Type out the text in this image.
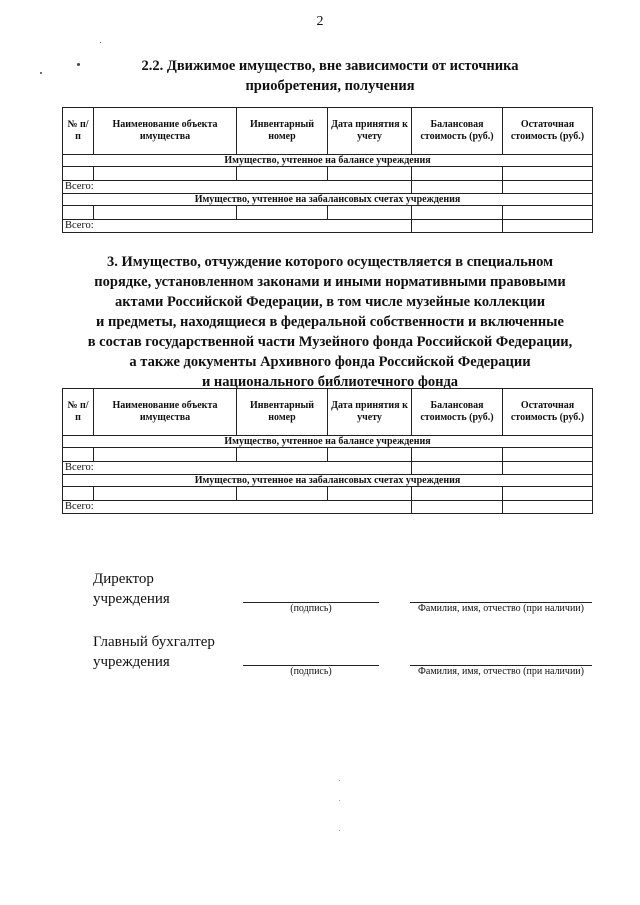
2
2.2. Движимое имущество, вне зависимости от источника
приобретения, получения
№ п/п	Наименование объекта имущества	Инвентарный номер	Дата принятия к учету	Балансовая стоимость (руб.)	Остаточная стоимость (руб.)
Имущество, учтенное на балансе учреждения					

Всего:					
Имущество, учтенное на забалансовых счетах учреждения					

Всего:					
3. Имущество, отчуждение которого осуществляется в специальном
порядке, установленном законами и иными нормативными правовыми
актами Российской Федерации, в том числе музейные коллекции
и предметы, находящиеся в федеральной собственности и включенные
в состав государственной части Музейного фонда Российской Федерации,
а также документы Архивного фонда Российской Федерации
и национального библиотечного фонда
№ п/п	Наименование объекта имущества	Инвентарный номер	Дата принятия к учету	Балансовая стоимость (руб.)	Остаточная стоимость (руб.)
Имущество, учтенное на балансе учреждения					

Всего:					
Имущество, учтенное на забалансовых счетах учреждения					

Всего:					
Директор
учреждения
(подпись)	Фамилия, имя, отчество (при наличии)
Главный бухгалтер
учреждения
(подпись)	Фамилия, имя, отчество (при наличии)
